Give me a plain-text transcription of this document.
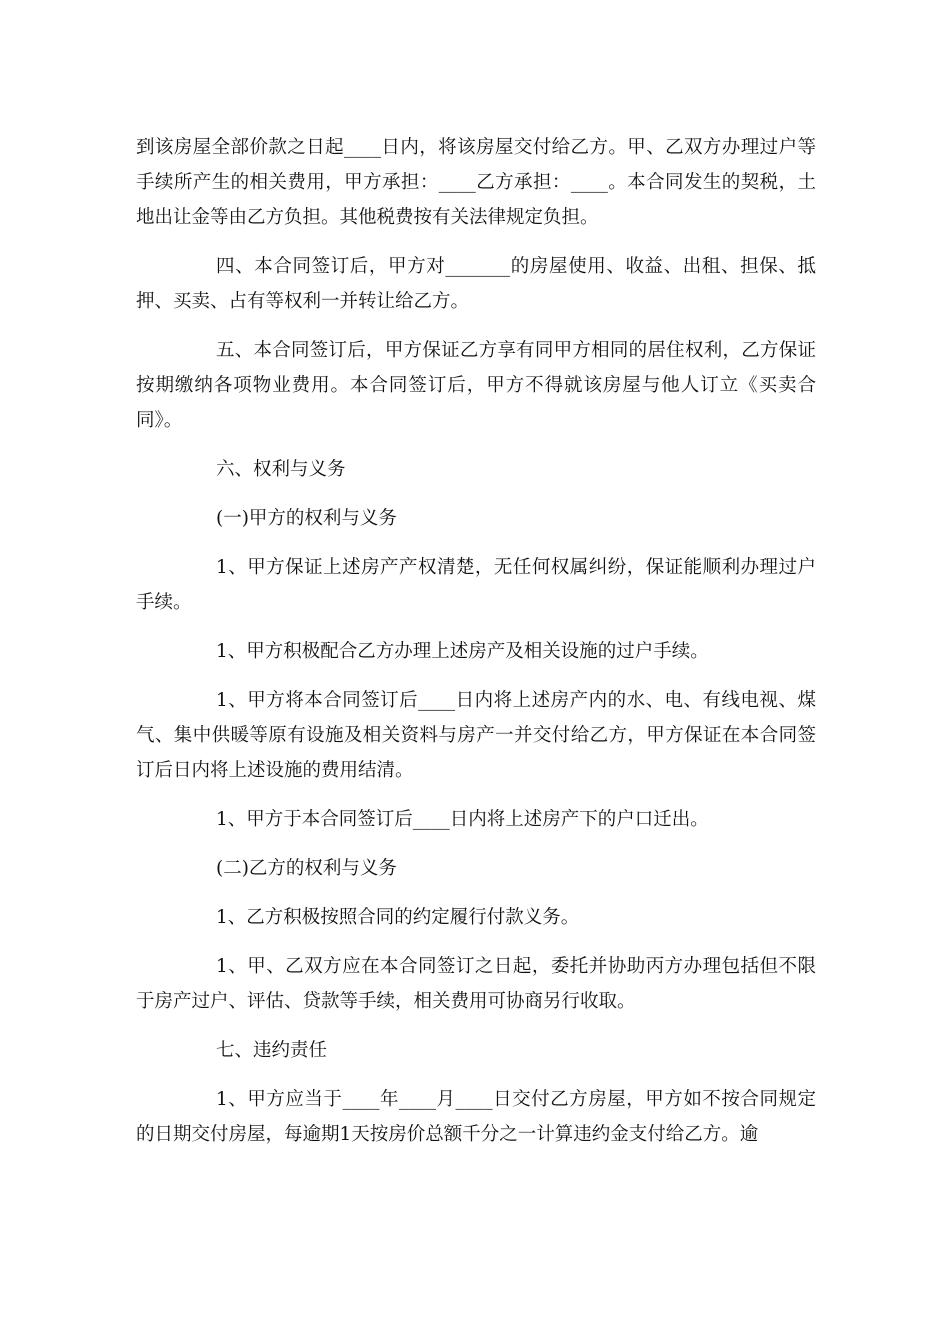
到该房屋全部价款之日起____日内，将该房屋交付给乙方。甲、乙双方办理过户等手续所产生的相关费用，甲方承担：____乙方承担：____。本合同发生的契税，土地出让金等由乙方负担。其他税费按有关法律规定负担。

四、本合同签订后，甲方对_______的房屋使用、收益、出租、担保、抵押、买卖、占有等权利一并转让给乙方。

五、本合同签订后，甲方保证乙方享有同甲方相同的居住权利，乙方保证按期缴纳各项物业费用。本合同签订后，甲方不得就该房屋与他人订立《买卖合同》。

六、权利与义务

(一)甲方的权利与义务

1、甲方保证上述房产产权清楚，无任何权属纠纷，保证能顺利办理过户手续。

1、甲方积极配合乙方办理上述房产及相关设施的过户手续。

1、甲方将本合同签订后____日内将上述房产内的水、电、有线电视、煤气、集中供暖等原有设施及相关资料与房产一并交付给乙方，甲方保证在本合同签订后日内将上述设施的费用结清。

1、甲方于本合同签订后____日内将上述房产下的户口迁出。

(二)乙方的权利与义务

1、乙方积极按照合同的约定履行付款义务。

1、甲、乙双方应在本合同签订之日起，委托并协助丙方办理包括但不限于房产过户、评估、贷款等手续，相关费用可协商另行收取。

七、违约责任

1、甲方应当于____年____月____日交付乙方房屋，甲方如不按合同规定的日期交付房屋，每逾期1天按房价总额千分之一计算违约金支付给乙方。逾
